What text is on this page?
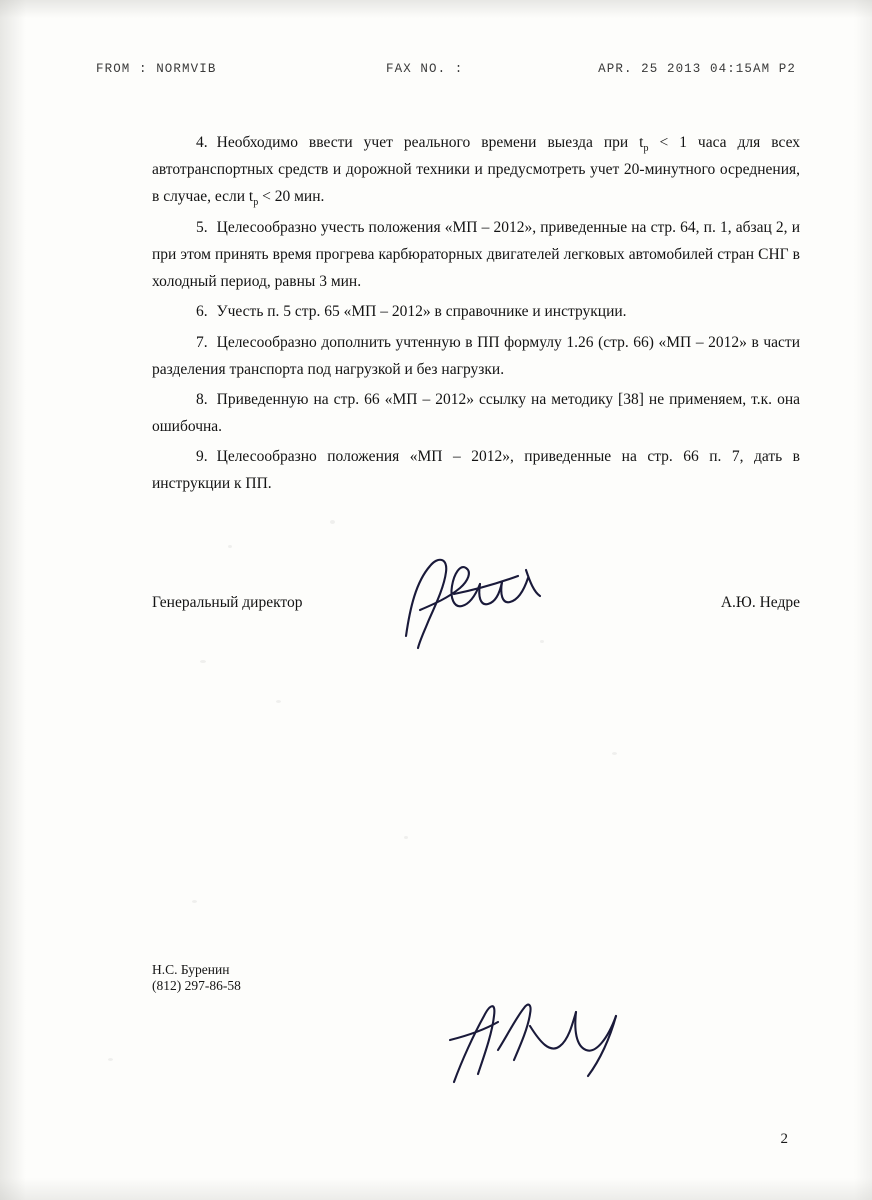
FROM : NORMVIB	FAX NO. :	APR. 25 2013 04:15AM P2

4. Необходимо ввести учет реального времени выезда при $t_p < 1$ часа для всех автотранспортных средств и дорожной техники и предусмотреть учет 20-минутного осреднения, в случае, если $t_p < 20$ мин.

5. Целесообразно учесть положения «МП – 2012», приведенные на стр. 64, п. 1, абзац 2, и при этом принять время прогрева карбюраторных двигателей легковых автомобилей стран СНГ в холодный период, равны 3 мин.

6. Учесть п. 5 стр. 65 «МП – 2012» в справочнике и инструкции.

7. Целесообразно дополнить учтенную в ПП формулу 1.26 (стр. 66) «МП – 2012» в части разделения транспорта под нагрузкой и без нагрузки.

8. Приведенную на стр. 66 «МП – 2012» ссылку на методику [38] не применяем, т.к. она ошибочна.

9. Целесообразно положения «МП – 2012», приведенные на стр. 66 п. 7, дать в инструкции к ПП.

Генеральный директор	А.Ю. Недре
Н.С. Буренин
(812) 297-86-58
2
